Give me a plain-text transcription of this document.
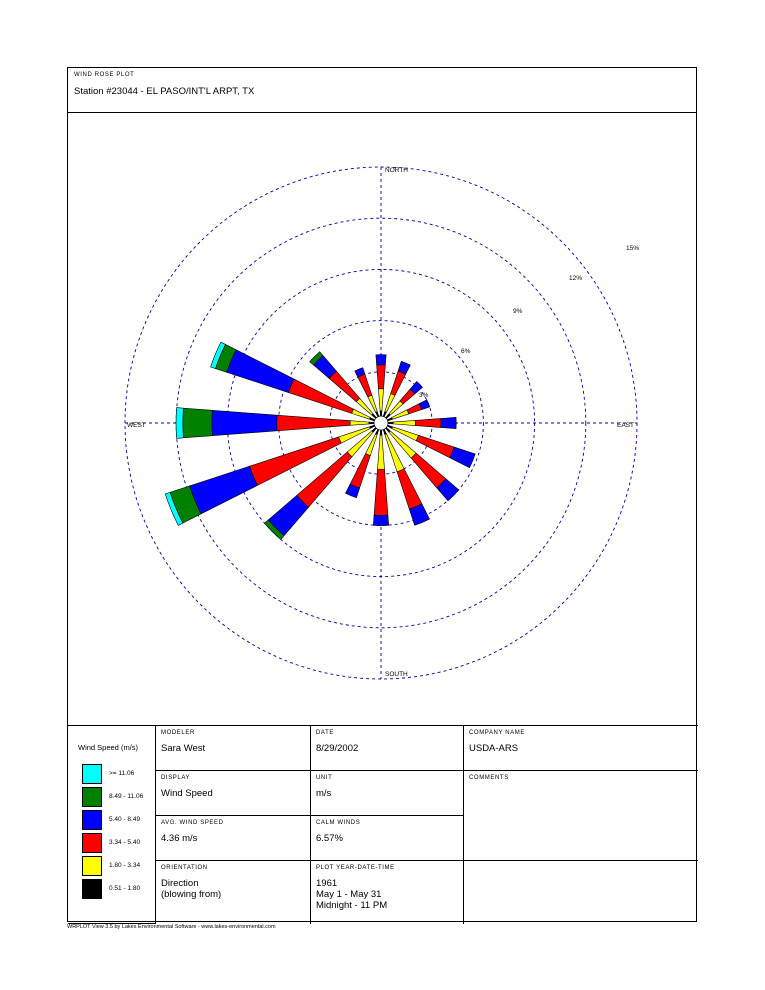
WIND ROSE PLOT
Station #23044 - EL PASO/INT'L ARPT, TX
3%
6%
9%
12%
15%
NORTH
SOUTH
EAST
WEST
Wind Speed (m/s)
>= 11.06
8.49 - 11.06
5.40 - 8.49
3.34 - 5.40
1.80 - 3.34
0.51 - 1.80
MODELER
Sara West
DATE
8/29/2002
COMPANY NAME
USDA-ARS
DISPLAY
Wind Speed
UNIT
m/s
COMMENTS
AVG. WIND SPEED
4.36 m/s
CALM WINDS
6.57%
ORIENTATION
Direction
(blowing from)
PLOT YEAR-DATE-TIME
1961
May 1 - May 31
Midnight - 11 PM
WRPLOT View 3.5 by Lakes Environmental Software - www.lakes-environmental.com
